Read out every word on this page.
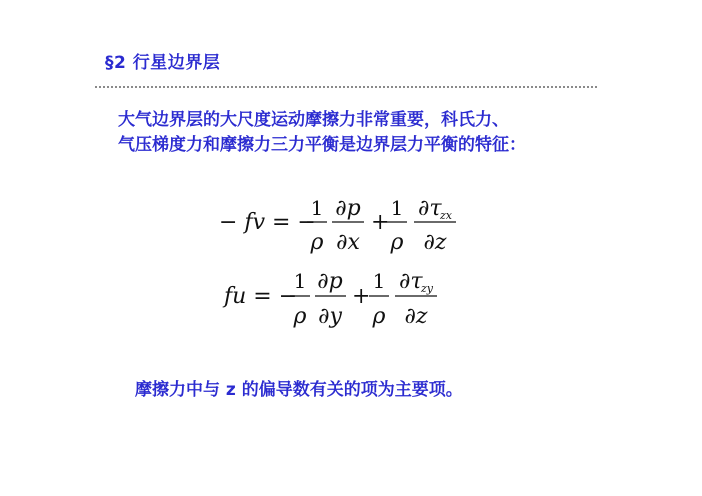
§2 行星边界层
大气边界层的大尺度运动摩擦力非常重要，科氏力、
气压梯度力和摩擦力三力平衡是边界层力平衡的特征：
− fv = −
1
ρ
∂p
∂x
+
1
ρ
∂τ
zx
∂z
fu = −
1
ρ
∂p
∂y
+
1
ρ
∂τ
zy
∂z
摩擦力中与 z 的偏导数有关的项为主要项。
